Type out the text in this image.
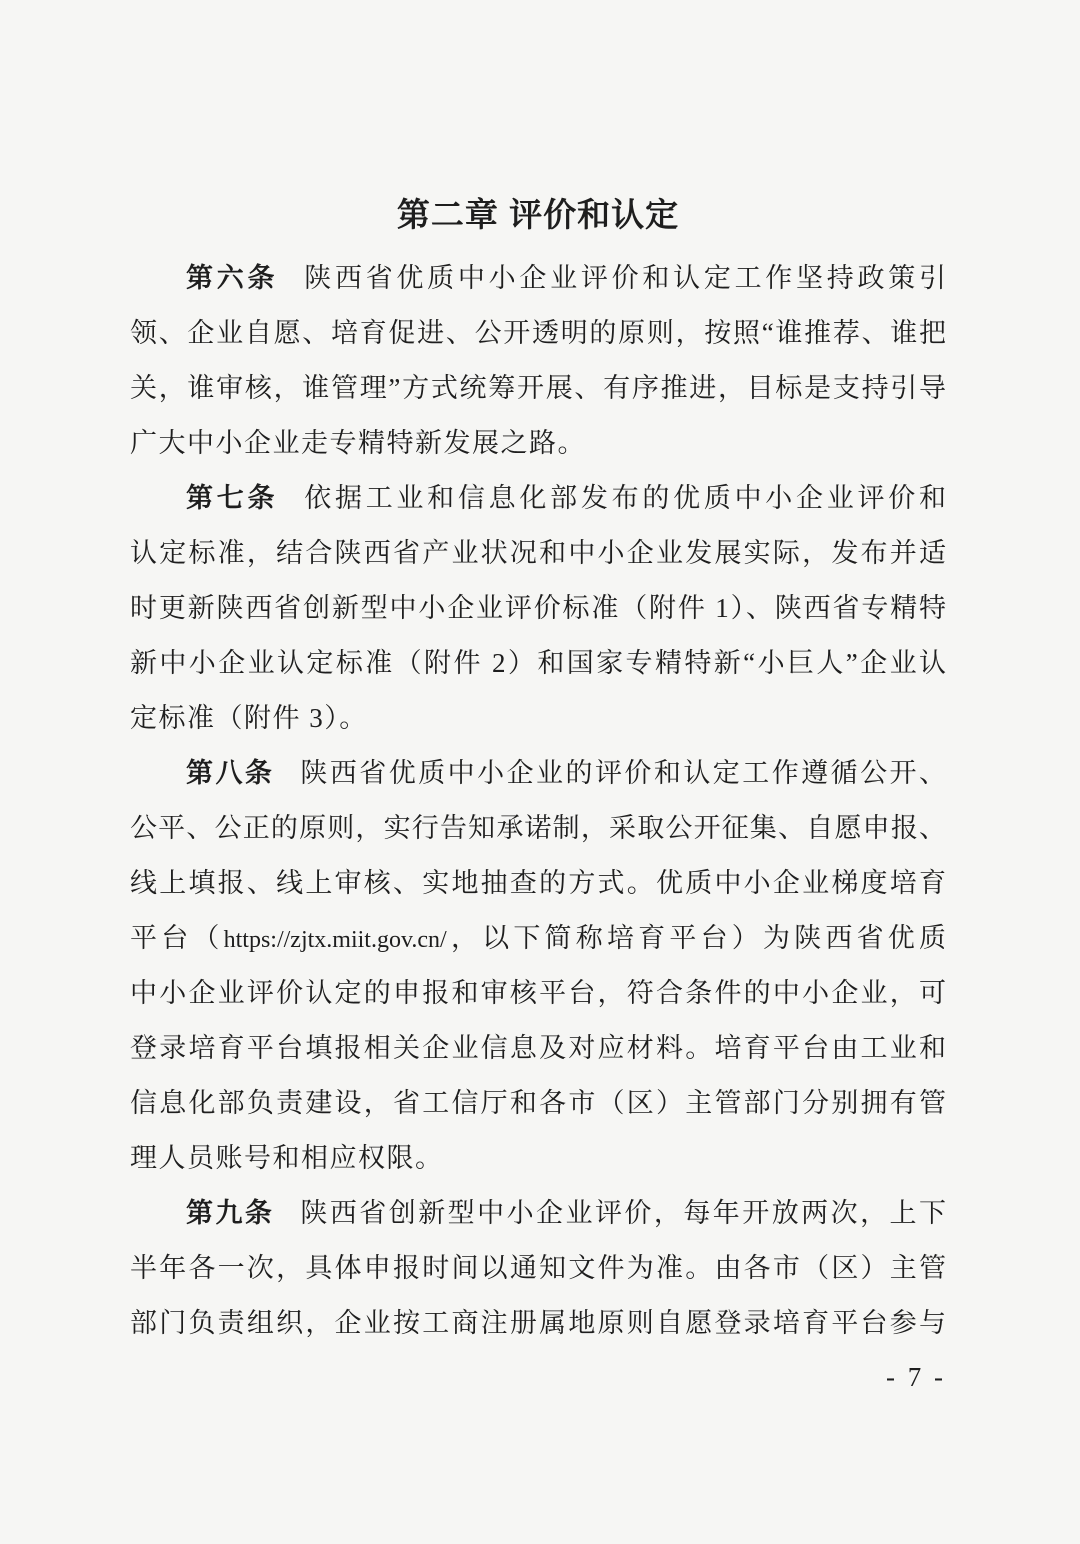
第二章 评价和认定
第六条 陕西省优质中小企业评价和认定工作坚持政策引
领、企业自愿、培育促进、公开透明的原则，按照“谁推荐、谁把
关，谁审核，谁管理”方式统筹开展、有序推进，目标是支持引导
广大中小企业走专精特新发展之路。
第七条 依据工业和信息化部发布的优质中小企业评价和
认定标准，结合陕西省产业状况和中小企业发展实际，发布并适
时更新陕西省创新型中小企业评价标准（附件 1）、陕西省专精特
新中小企业认定标准（附件 2）和国家专精特新“小巨人”企业认
定标准（附件 3）。
第八条 陕西省优质中小企业的评价和认定工作遵循公开、
公平、公正的原则，实行告知承诺制，采取公开征集、自愿申报、
线上填报、线上审核、实地抽查的方式。优质中小企业梯度培育
平台（https://zjtx.miit.gov.cn/，以下简称培育平台）为陕西省优质
中小企业评价认定的申报和审核平台，符合条件的中小企业，可
登录培育平台填报相关企业信息及对应材料。培育平台由工业和
信息化部负责建设，省工信厅和各市（区）主管部门分别拥有管
理人员账号和相应权限。
第九条 陕西省创新型中小企业评价，每年开放两次，上下
半年各一次，具体申报时间以通知文件为准。由各市（区）主管
部门负责组织，企业按工商注册属地原则自愿登录培育平台参与
- 7 -
